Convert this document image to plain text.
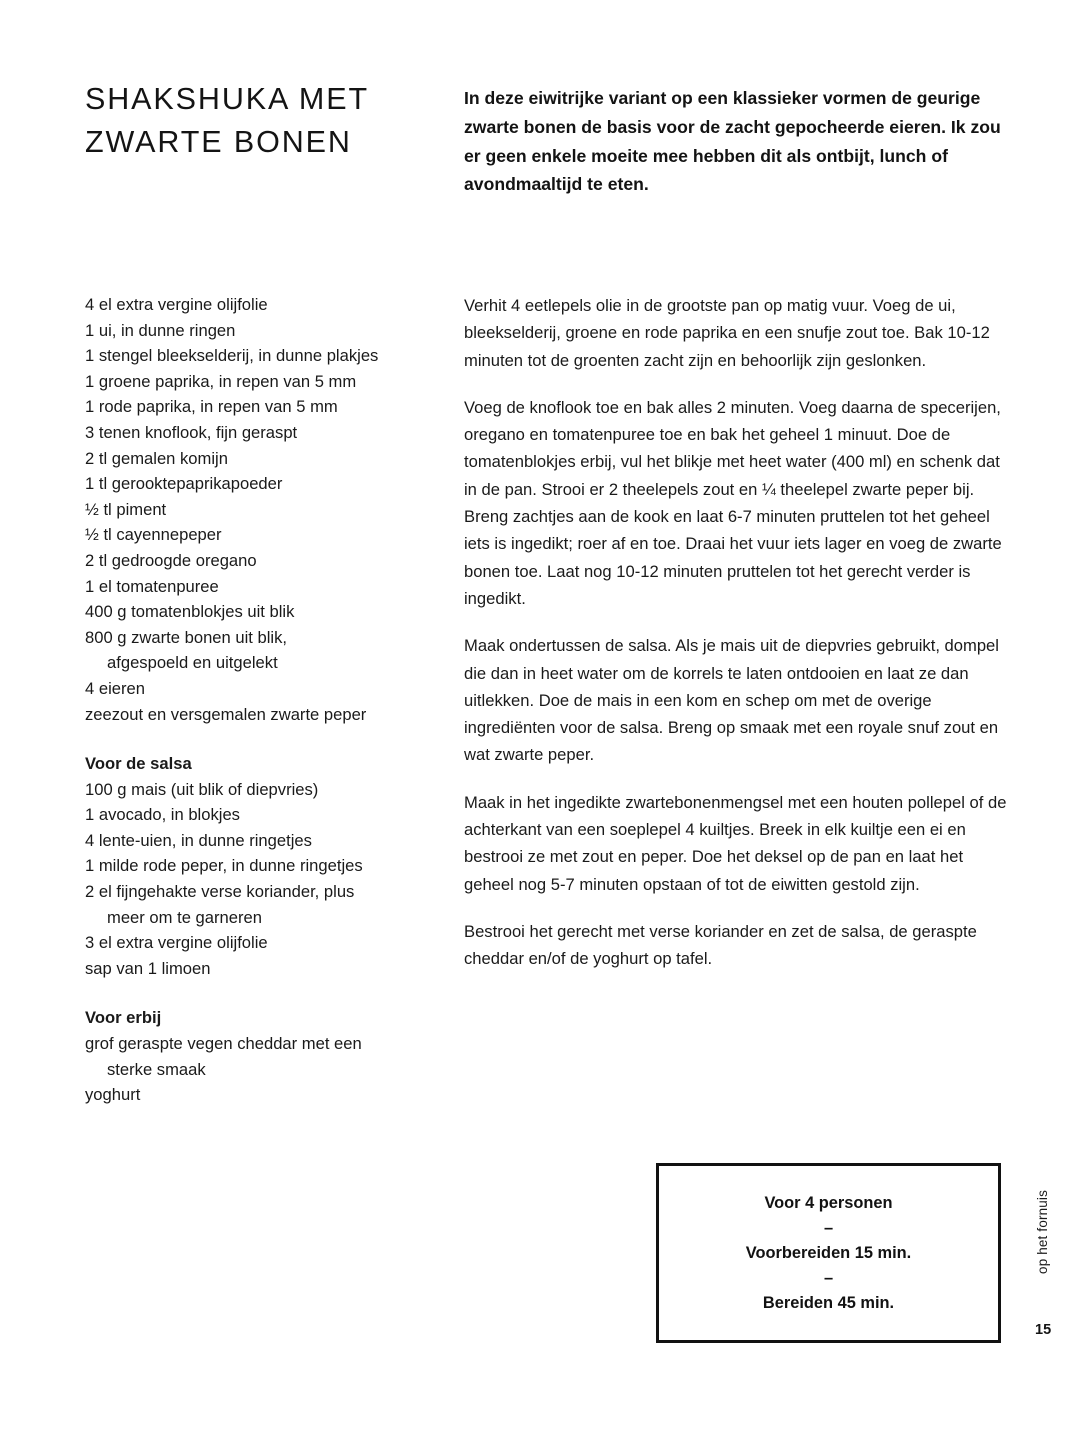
SHAKSHUKA MET
ZWARTE BONEN
In deze eiwitrijke variant op een klassieker vormen de geurige zwarte bonen de basis voor de zacht gepocheerde eieren. Ik zou er geen enkele moeite mee hebben dit als ontbijt, lunch of avondmaaltijd te eten.
4 el extra vergine olijfolie
1 ui, in dunne ringen
1 stengel bleekselderij, in dunne plakjes
1 groene paprika, in repen van 5 mm
1 rode paprika, in repen van 5 mm
3 tenen knoflook, fijn geraspt
2 tl gemalen komijn
1 tl gerooktepaprikapoeder
½ tl piment
½ tl cayennepeper
2 tl gedroogde oregano
1 el tomatenpuree
400 g tomatenblokjes uit blik
800 g zwarte bonen uit blik,
afgespoeld en uitgelekt
4 eieren
zeezout en versgemalen zwarte peper
Voor de salsa
100 g mais (uit blik of diepvries)
1 avocado, in blokjes
4 lente-uien, in dunne ringetjes
1 milde rode peper, in dunne ringetjes
2 el fijngehakte verse koriander, plus
meer om te garneren
3 el extra vergine olijfolie
sap van 1 limoen
Voor erbij
grof geraspte vegen cheddar met een
sterke smaak
yoghurt

Verhit 4 eetlepels olie in de grootste pan op matig vuur. Voeg de ui, bleekselderij, groene en rode paprika en een snufje zout toe. Bak 10-12 minuten tot de groenten zacht zijn en behoorlijk zijn geslonken.

Voeg de knoflook toe en bak alles 2 minuten. Voeg daarna de specerijen, oregano en tomatenpuree toe en bak het geheel 1 minuut. Doe de tomatenblokjes erbij, vul het blikje met heet water (400 ml) en schenk dat in de pan. Strooi er 2 theelepels zout en ¼ theelepel zwarte peper bij. Breng zachtjes aan de kook en laat 6-7 minuten pruttelen tot het geheel iets is ingedikt; roer af en toe. Draai het vuur iets lager en voeg de zwarte bonen toe. Laat nog 10-12 minuten pruttelen tot het gerecht verder is ingedikt.

Maak ondertussen de salsa. Als je mais uit de diepvries gebruikt, dompel die dan in heet water om de korrels te laten ontdooien en laat ze dan uitlekken. Doe de mais in een kom en schep om met de overige ingrediënten voor de salsa. Breng op smaak met een royale snuf zout en wat zwarte peper.

Maak in het ingedikte zwartebonenmengsel met een houten pollepel of de achterkant van een soeplepel 4 kuiltjes. Breek in elk kuiltje een ei en bestrooi ze met zout en peper. Doe het deksel op de pan en laat het geheel nog 5-7 minuten opstaan of tot de eiwitten gestold zijn.

Bestrooi het gerecht met verse koriander en zet de salsa, de geraspte cheddar en/of de yoghurt op tafel.

Voor 4 personen
–
Voorbereiden 15 min.
–
Bereiden 45 min.
op het fornuis
15
